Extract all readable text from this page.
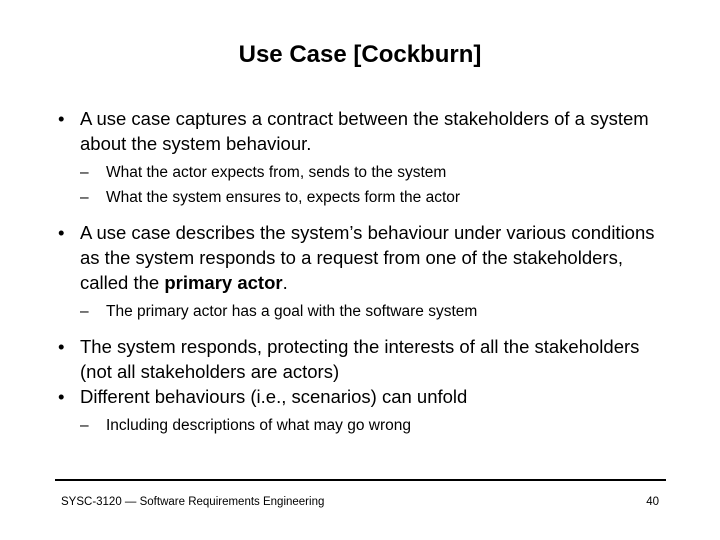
Use Case [Cockburn]
• A use case captures a contract between the stakeholders of a system about the system behaviour.
– What the actor expects from, sends to the system
– What the system ensures to, expects form the actor
• A use case describes the system’s behaviour under various conditions as the system responds to a request from one of the stakeholders, called the primary actor.
– The primary actor has a goal with the software system
• The system responds, protecting the interests of all the stakeholders (not all stakeholders are actors)
• Different behaviours (i.e., scenarios) can unfold
– Including descriptions of what may go wrong
SYSC-3120 — Software Requirements Engineering	40
